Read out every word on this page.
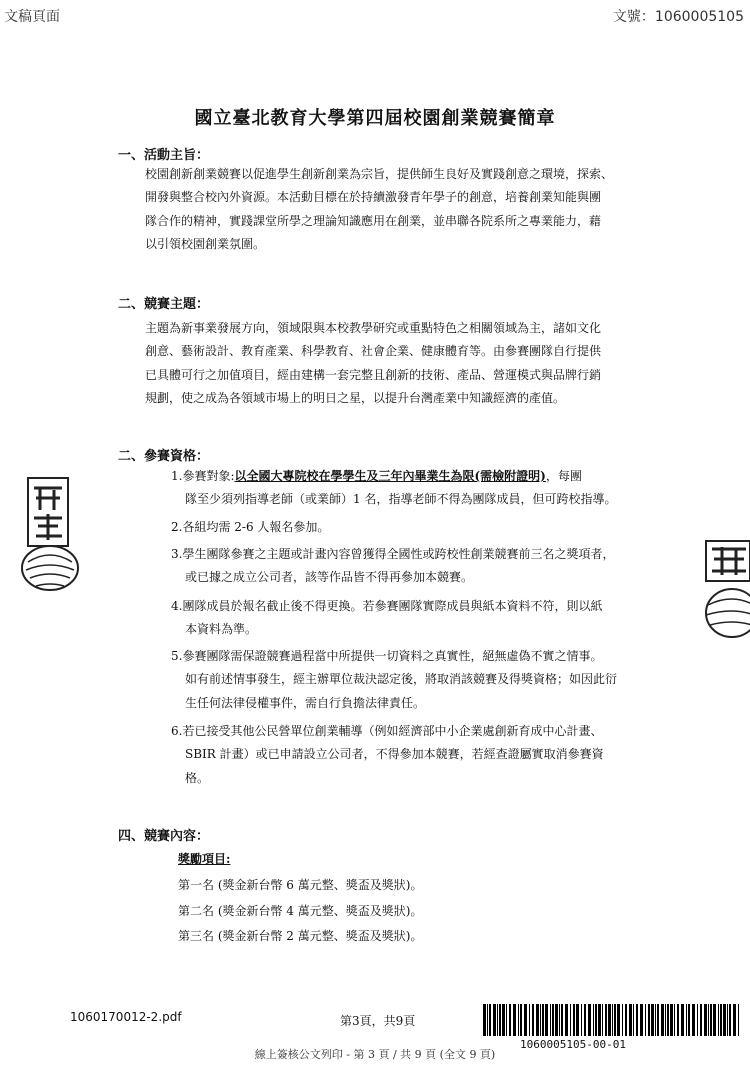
文稿頁面	文號：1060005105
國立臺北教育大學第四屆校園創業競賽簡章
一、活動主旨：

校園創新創業競賽以促進學生創新創業為宗旨，提供師生良好及實踐創意之環境，探索、

開發與整合校內外資源。本活動目標在於持續激發青年學子的創意，培養創業知能與團

隊合作的精神，實踐課堂所學之理論知識應用在創業，並串聯各院系所之專業能力，藉

以引領校園創業氛圍。

二、競賽主題：

主題為新事業發展方向，領域限與本校教學研究或重點特色之相關領域為主，諸如文化

創意、藝術設計、教育產業、科學教育、社會企業、健康體育等。由參賽團隊自行提供

已具體可行之加值項目，經由建構一套完整且創新的技術、產品、營運模式與品牌行銷

規劃，使之成為各領域市場上的明日之星，以提升台灣產業中知識經濟的產值。

二、參賽資格：

1.參賽對象:以全國大專院校在學學生及三年內畢業生為限(需檢附證明)，每團

隊至少須列指導老師（或業師）1 名，指導老師不得為團隊成員，但可跨校指導。

2.各組均需 2-6 人報名參加。

3.學生團隊參賽之主題或計畫內容曾獲得全國性或跨校性創業競賽前三名之獎項者，

或已據之成立公司者，該等作品皆不得再參加本競賽。

4.團隊成員於報名截止後不得更換。若參賽團隊實際成員與紙本資料不符，則以紙

本資料為準。

5.參賽團隊需保證競賽過程當中所提供一切資料之真實性，絕無虛偽不實之情事。

如有前述情事發生，經主辦單位裁決認定後，將取消該競賽及得獎資格；如因此衍

生任何法律侵權事件，需自行負擔法律責任。

6.若已接受其他公民營單位創業輔導（例如經濟部中小企業處創新育成中心計畫、

SBIR 計畫）或已申請設立公司者，不得參加本競賽，若經查證屬實取消參賽資

格。

四、競賽內容：
獎勵項目:
第一名 (獎金新台幣 6 萬元整、獎盃及獎狀)。
第二名 (獎金新台幣 4 萬元整、獎盃及獎狀)。
第三名 (獎金新台幣 2 萬元整、獎盃及獎狀)。
1060170012-2.pdf	第3頁，共9頁
1060005105-00-01
線上簽核公文列印 - 第 3 頁 / 共 9 頁 (全文 9 頁)
